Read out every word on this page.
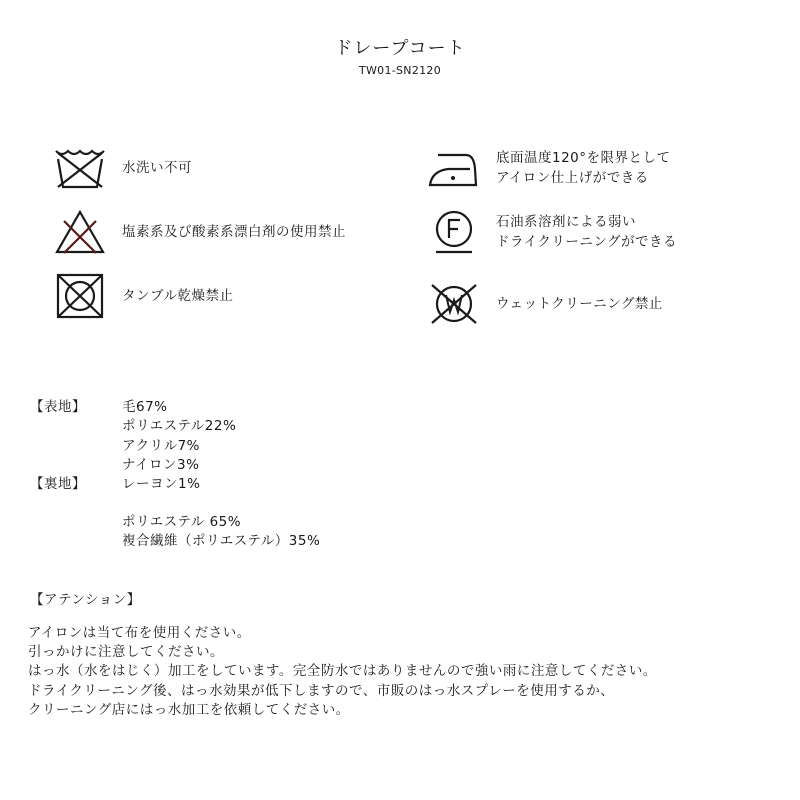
ドレープコート
TW01-SN2120
水洗い不可
塩素系及び酸素系漂白剤の使用禁止
タンブル乾燥禁止
底面温度120°を限界として
アイロン仕上げができる
石油系溶剤による弱い
ドライクリーニングができる
ウェットクリーニング禁止
【表地】	毛67%
ポリエステル22%
アクリル7%
ナイロン3%
【裏地】	レーヨン1%
ポリエステル 65%
複合繊維（ポリエステル）35%
【アテンション】
アイロンは当て布を使用ください。
引っかけに注意してください。
はっ水（水をはじく）加工をしています。完全防水ではありませんので強い雨に注意してください。
ドライクリーニング後、はっ水効果が低下しますので、市販のはっ水スプレーを使用するか、
クリーニング店にはっ水加工を依頼してください。
